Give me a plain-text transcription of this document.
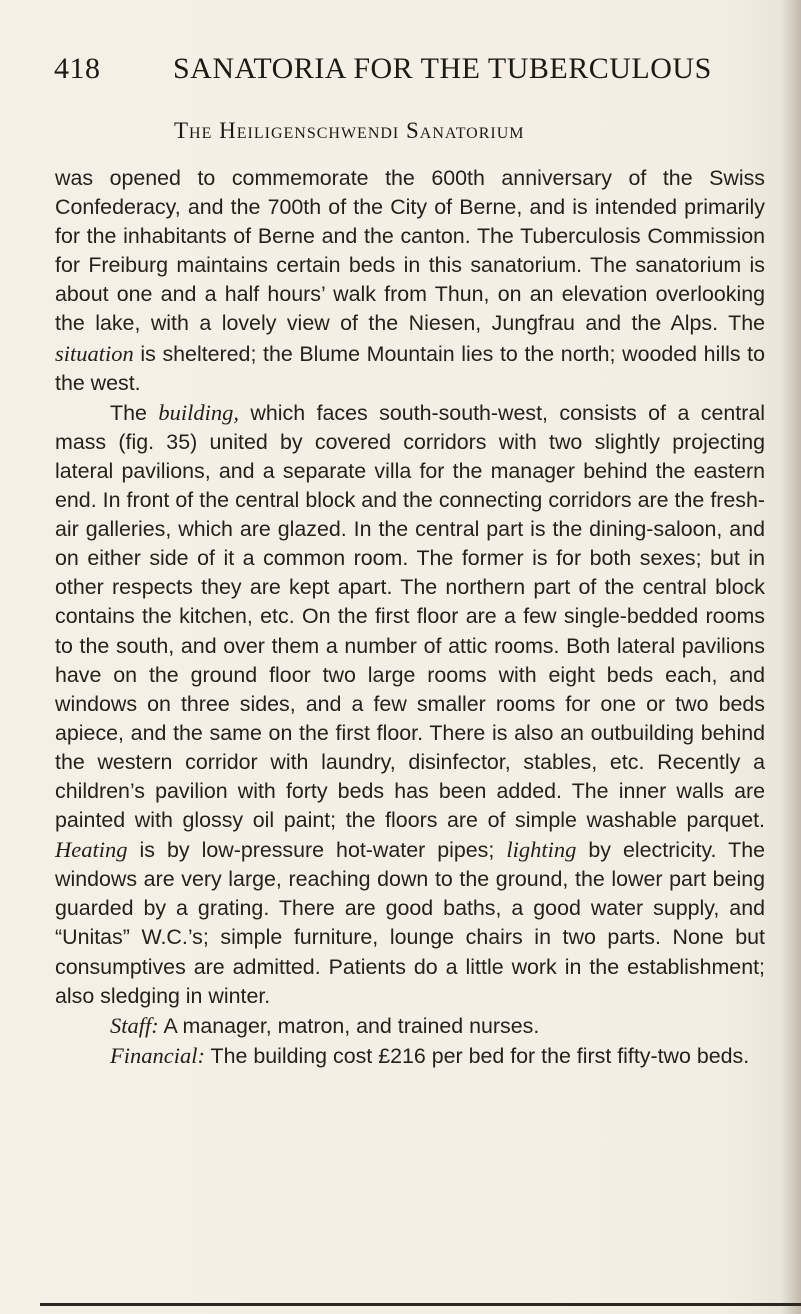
418 SANATORIA FOR THE TUBERCULOUS
The Heiligenschwendi Sanatorium

was opened to commemorate the 600th anniversary of the Swiss Confederacy, and the 700th of the City of Berne, and is intended primarily for the inhabitants of Berne and the canton. The Tuberculosis Commission for Freiburg maintains certain beds in this sanatorium. The sanatorium is about one and a half hours’ walk from Thun, on an elevation overlooking the lake, with a lovely view of the Niesen, Jungfrau and the Alps. The situation is sheltered; the Blume Mountain lies to the north; wooded hills to the west.

The building, which faces south-south-west, consists of a central mass (fig. 35) united by covered corridors with two slightly projecting lateral pavilions, and a separate villa for the manager behind the eastern end. In front of the central block and the connecting corridors are the fresh-air galleries, which are glazed. In the central part is the dining-saloon, and on either side of it a common room. The former is for both sexes; but in other respects they are kept apart. The northern part of the central block contains the kitchen, etc. On the first floor are a few single-bedded rooms to the south, and over them a number of attic rooms. Both lateral pavilions have on the ground floor two large rooms with eight beds each, and windows on three sides, and a few smaller rooms for one or two beds apiece, and the same on the first floor. There is also an outbuilding behind the western corridor with laundry, disinfector, stables, etc. Recently a children’s pavilion with forty beds has been added. The inner walls are painted with glossy oil paint; the floors are of simple washable parquet. Heating is by low-pressure hot-water pipes; lighting by electricity. The windows are very large, reaching down to the ground, the lower part being guarded by a grating. There are good baths, a good water supply, and “Unitas” W.C.’s; simple furniture, lounge chairs in two parts. None but consumptives are admitted. Patients do a little work in the establishment; also sledging in winter.

Staff: A manager, matron, and trained nurses.

Financial: The building cost £216 per bed for the first fifty-two beds.
